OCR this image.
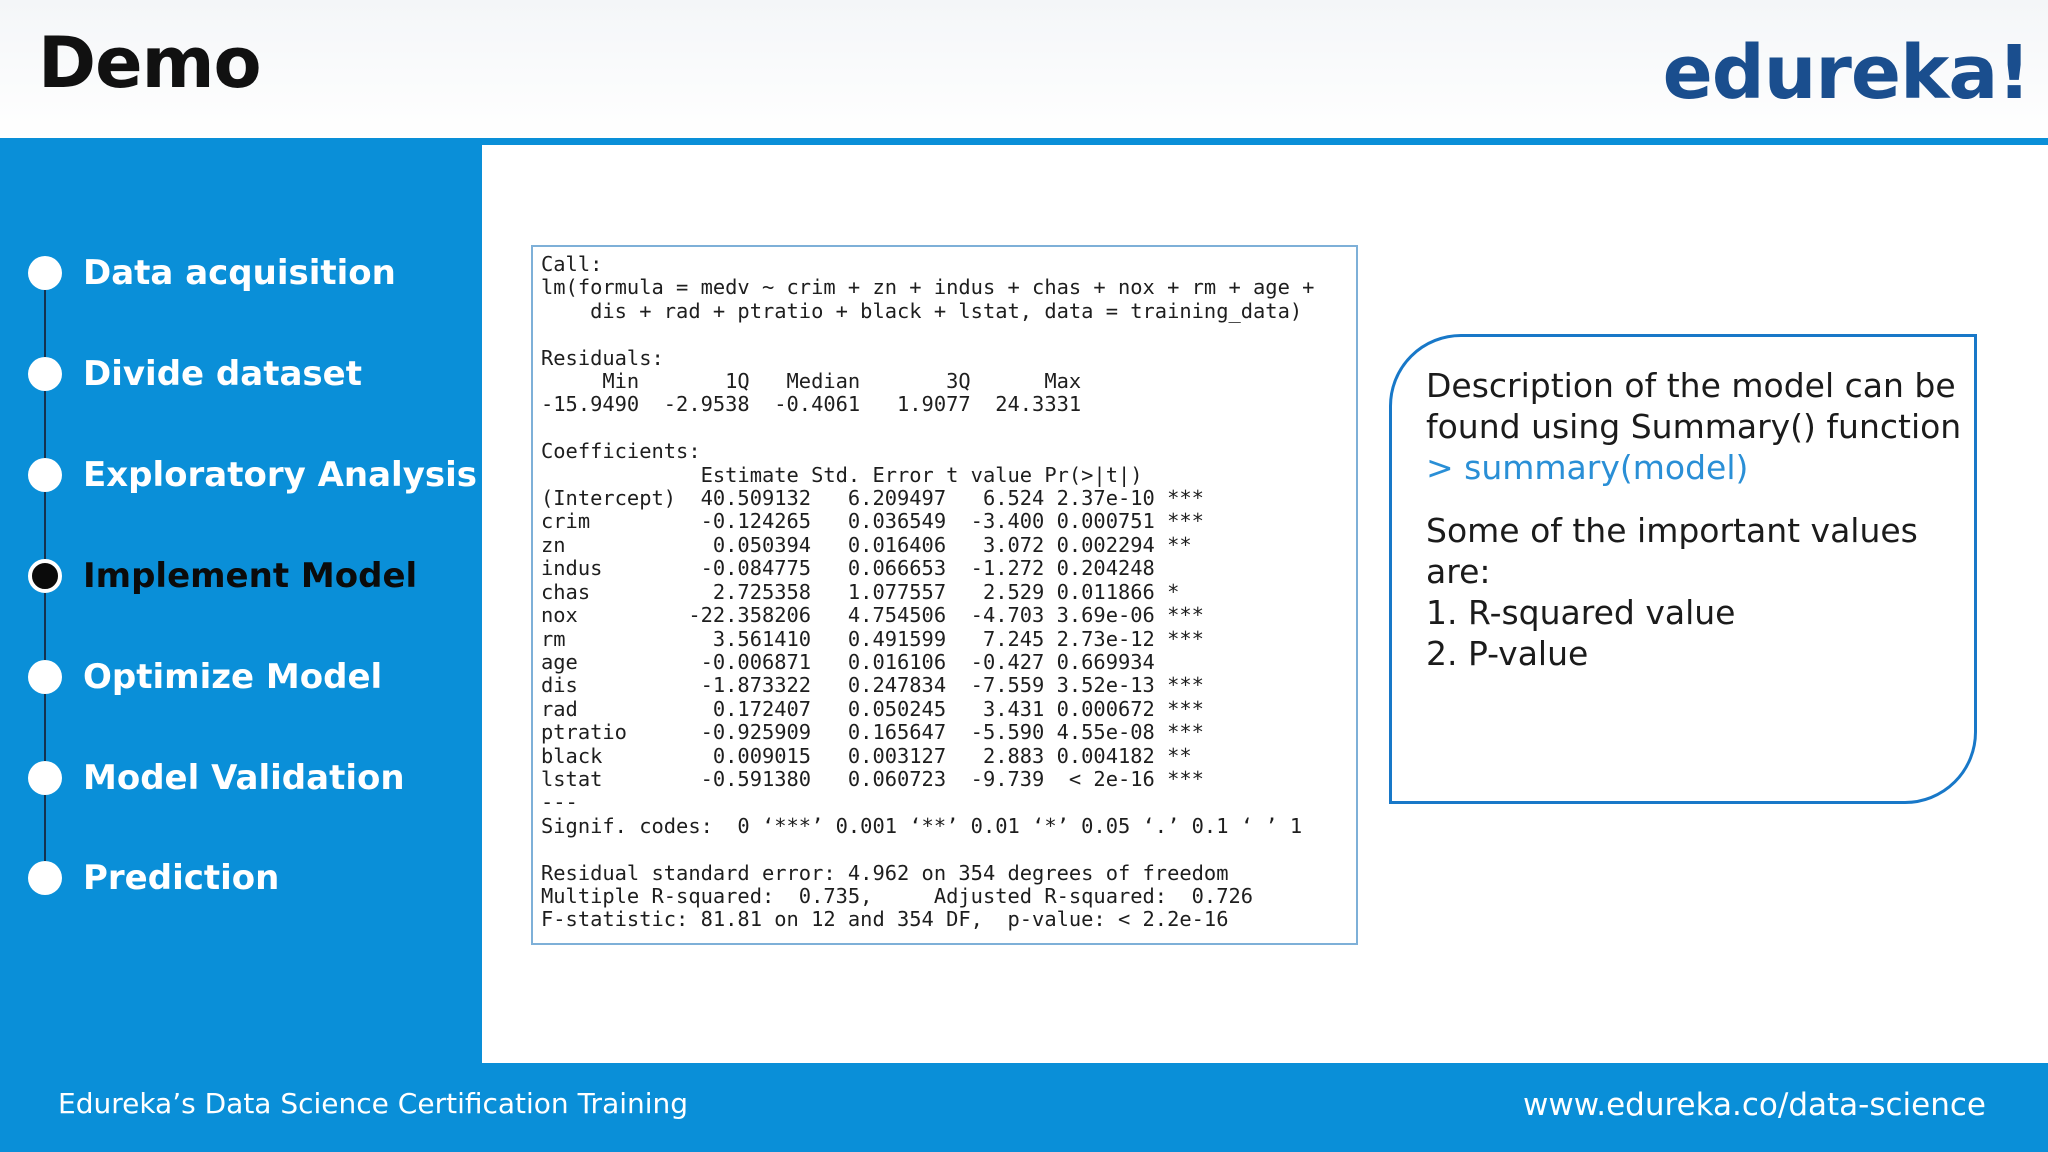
Demo	edureka!
Data acquisition
Divide dataset
Exploratory Analysis
Implement Model
Optimize Model
Model Validation
Prediction
Call:
lm(formula = medv ~ crim + zn + indus + chas + nox + rm + age +
dis + rad + ptratio + black + lstat, data = training_data)

Residuals:
Min       1Q   Median       3Q      Max
-15.9490  -2.9538  -0.4061   1.9077  24.3331

Coefficients:
Estimate Std. Error t value Pr(>|t|)
(Intercept)  40.509132   6.209497   6.524 2.37e-10 ***
crim         -0.124265   0.036549  -3.400 0.000751 ***
zn            0.050394   0.016406   3.072 0.002294 **
indus        -0.084775   0.066653  -1.272 0.204248
chas          2.725358   1.077557   2.529 0.011866 *
nox         -22.358206   4.754506  -4.703 3.69e-06 ***
rm            3.561410   0.491599   7.245 2.73e-12 ***
age          -0.006871   0.016106  -0.427 0.669934
dis          -1.873322   0.247834  -7.559 3.52e-13 ***
rad           0.172407   0.050245   3.431 0.000672 ***
ptratio      -0.925909   0.165647  -5.590 4.55e-08 ***
black         0.009015   0.003127   2.883 0.004182 **
lstat        -0.591380   0.060723  -9.739  < 2e-16 ***
---
Signif. codes:  0 ‘***’ 0.001 ‘**’ 0.01 ‘*’ 0.05 ‘.’ 0.1 ‘ ’ 1

Residual standard error: 4.962 on 354 degrees of freedom
Multiple R-squared:  0.735,     Adjusted R-squared:  0.726
F-statistic: 81.81 on 12 and 354 DF,  p-value: < 2.2e-16
Description of the model can be found using Summary() function
> summary(model)
Some of the important values are:
1. R-squared value
2. P-value
Edureka’s Data Science Certification Training	www.edureka.co/data-science
